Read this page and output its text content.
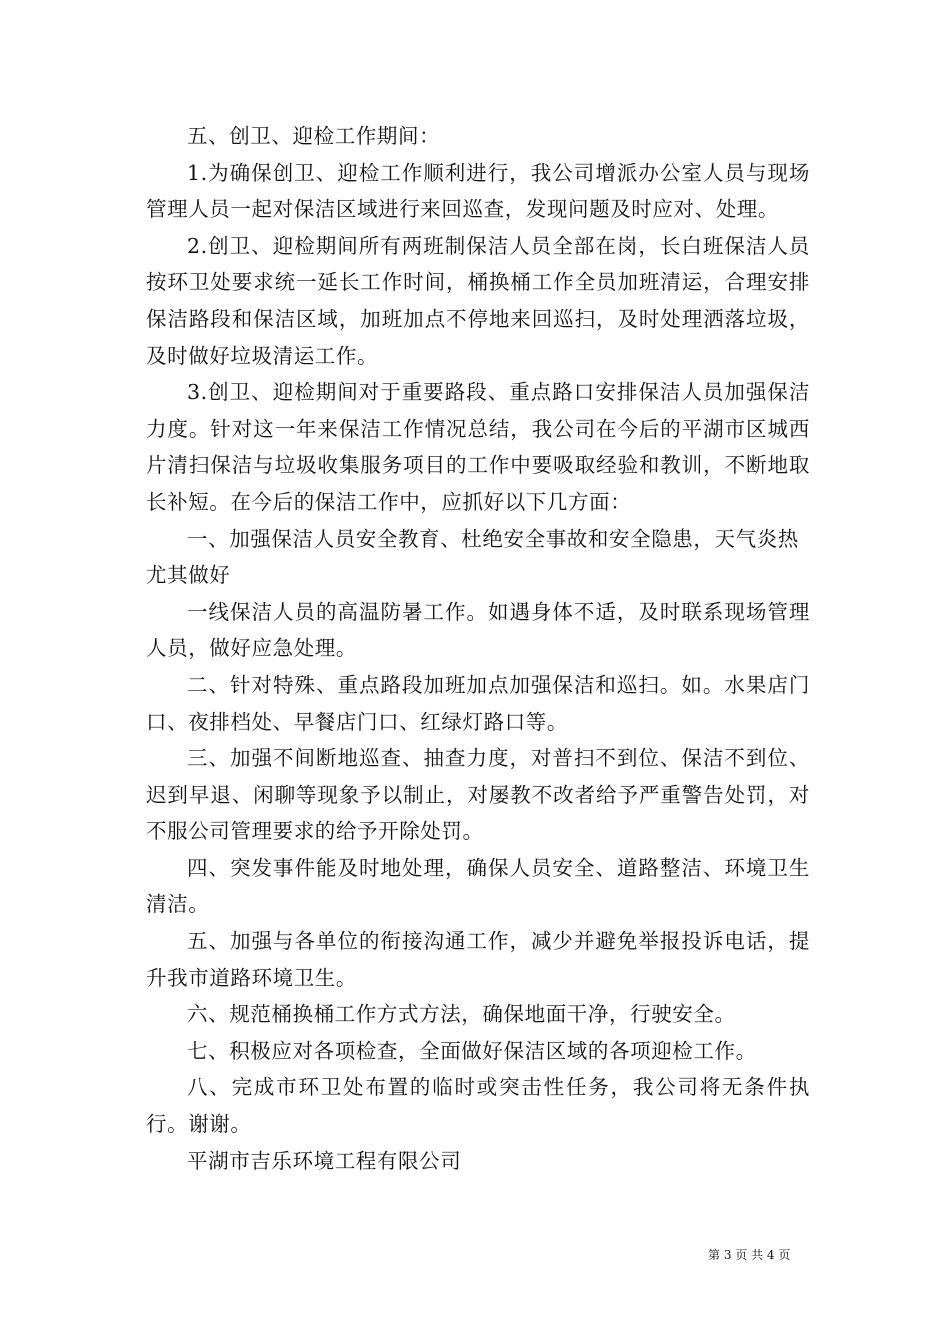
五、创卫、迎检工作期间：

1.为确保创卫、迎检工作顺利进行，我公司增派办公室人员与现场管理人员一起对保洁区域进行来回巡查，发现问题及时应对、处理。

2.创卫、迎检期间所有两班制保洁人员全部在岗，长白班保洁人员按环卫处要求统一延长工作时间，桶换桶工作全员加班清运，合理安排保洁路段和保洁区域，加班加点不停地来回巡扫，及时处理洒落垃圾，及时做好垃圾清运工作。

3.创卫、迎检期间对于重要路段、重点路口安排保洁人员加强保洁力度。针对这一年来保洁工作情况总结，我公司在今后的平湖市区城西片清扫保洁与垃圾收集服务项目的工作中要吸取经验和教训，不断地取长补短。在今后的保洁工作中，应抓好以下几方面：

一、加强保洁人员安全教育、杜绝安全事故和安全隐患，天气炎热尤其做好

一线保洁人员的高温防暑工作。如遇身体不适，及时联系现场管理人员，做好应急处理。

二、针对特殊、重点路段加班加点加强保洁和巡扫。如。水果店门口、夜排档处、早餐店门口、红绿灯路口等。

三、加强不间断地巡查、抽查力度，对普扫不到位、保洁不到位、迟到早退、闲聊等现象予以制止，对屡教不改者给予严重警告处罚，对不服公司管理要求的给予开除处罚。

四、突发事件能及时地处理，确保人员安全、道路整洁、环境卫生清洁。

五、加强与各单位的衔接沟通工作，减少并避免举报投诉电话，提升我市道路环境卫生。

六、规范桶换桶工作方式方法，确保地面干净，行驶安全。

七、积极应对各项检查，全面做好保洁区域的各项迎检工作。

八、完成市环卫处布置的临时或突击性任务，我公司将无条件执行。谢谢。

平湖市吉乐环境工程有限公司

第 3 页 共 4 页
